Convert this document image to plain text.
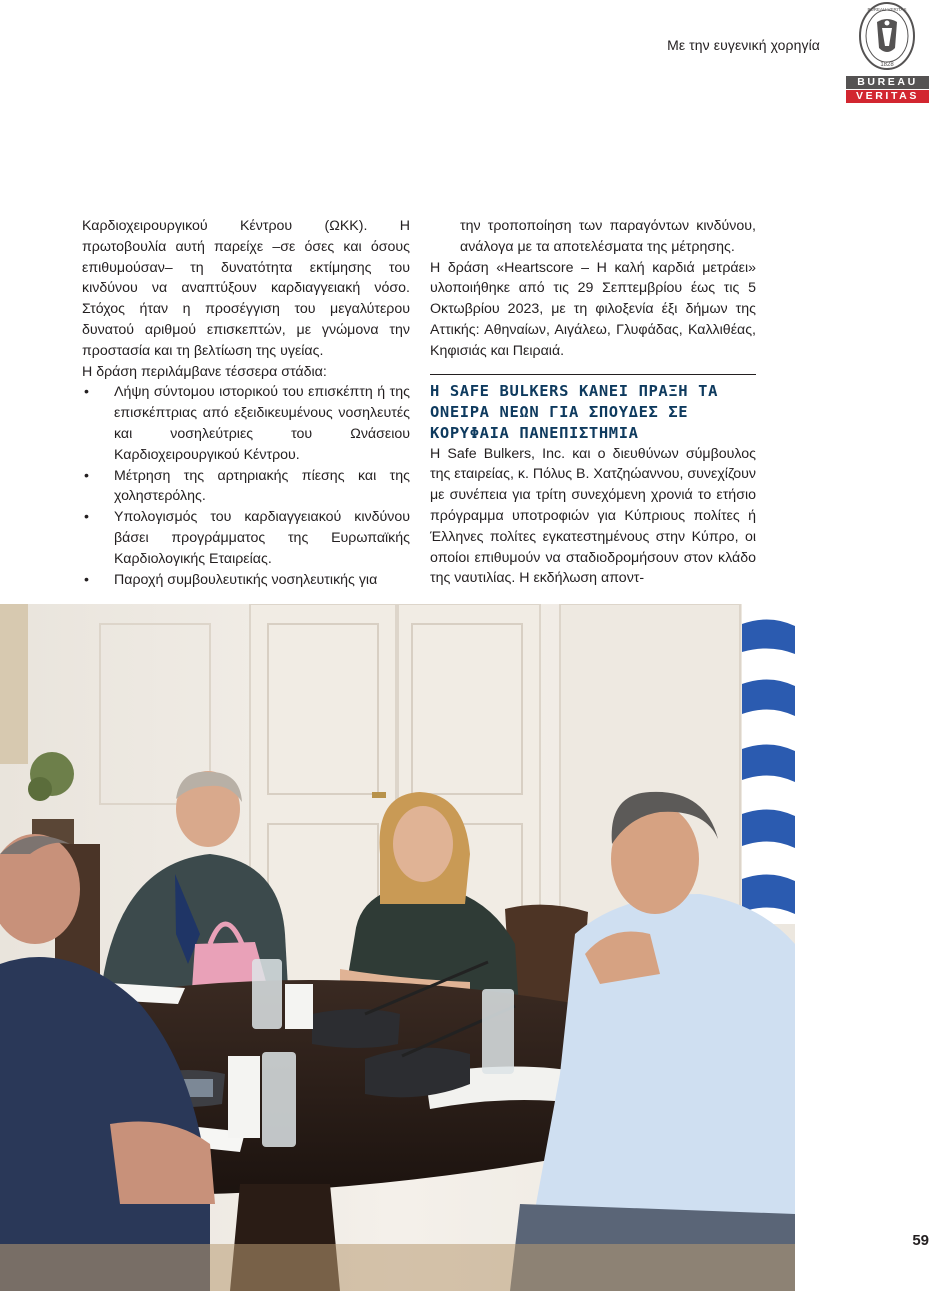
Με την ευγενική χορηγία
1828
BUREAU VERITAS
BUREAU
VERITAS

Καρδιοχειρουργικού Κέντρου (ΩΚΚ). Η πρωτοβουλία αυτή παρείχε –σε όσες και όσους επιθυμούσαν– τη δυνατότητα εκτίμησης του κινδύνου να αναπτύξουν καρδιαγγειακή νόσο. Στόχος ήταν η προσέγγιση του μεγαλύτερου δυνατού αριθμού επισκεπτών, με γνώμονα την προστασία και τη βελτίωση της υγείας.

Η δράση περιλάμβανε τέσσερα στάδια:

• Λήψη σύντομου ιστορικού του επισκέπτη ή της επισκέπτριας από εξειδικευμένους νοσηλευτές και νοσηλεύτριες του Ωνάσειου Καρδιοχειρουργικού Κέντρου.
• Μέτρηση της αρτηριακής πίεσης και της χοληστερόλης.
• Υπολογισμός του καρδιαγγειακού κινδύνου βάσει προγράμματος της Ευρωπαϊκής Καρδιολογικής Εταιρείας.
• Παροχή συμβουλευτικής νοσηλευτικής για

την τροποποίηση των παραγόντων κινδύνου, ανάλογα με τα αποτελέσματα της μέτρησης.

Η δράση «Heartscore – Η καλή καρδιά μετράει» υλοποιήθηκε από τις 29 Σεπτεμβρίου έως τις 5 Οκτωβρίου 2023, με τη φιλοξενία έξι δήμων της Αττικής: Αθηναίων, Αιγάλεω, Γλυφάδας, Καλλιθέας, Κηφισιάς και Πειραιά.

Η SAFE BULKERS ΚΑΝΕΙ ΠΡΑΞΗ ΤΑ ΟΝΕΙΡΑ ΝΕΩΝ ΓΙΑ ΣΠΟΥΔΕΣ ΣΕ ΚΟΡΥΦΑΙΑ ΠΑΝΕΠΙΣΤΗΜΙΑ

Η Safe Bulkers, Inc. και ο διευθύνων σύμβουλος της εταιρείας, κ. Πόλυς Β. Χατζηώαννου, συνεχίζουν με συνέπεια για τρίτη συνεχόμενη χρονιά το ετήσιο πρόγραμμα υποτροφιών για Κύπριους πολίτες ή Έλληνες πολίτες εγκατεστημένους στην Κύπρο, οι οποίοι επιθυμούν να σταδιοδρομήσουν στον κλάδο της ναυτιλίας. Η εκδήλωση αποντ-

59
